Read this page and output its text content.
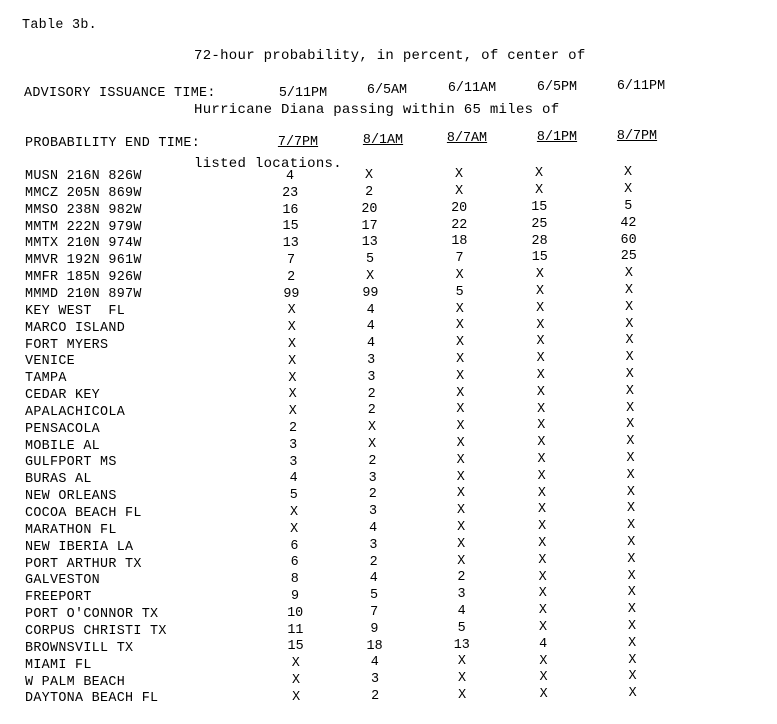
Table 3b.

72-hour probability, in percent, of center of

Hurricane Diana passing within 65 miles of

listed locations.

ADVISORY ISSUANCE TIME:	5/11PM	6/5AM	6/11AM	6/5PM	6/11PM
PROBABILITY END TIME:	7/7PM	8/1AM	8/7AM	8/1PM	8/7PM
MUSN 216N 826W	4	X	X	X	X
MMCZ 205N 869W	23	2	X	X	X
MMSO 238N 982W	16	20	20	15	5
MMTM 222N 979W	15	17	22	25	42
MMTX 210N 974W	13	13	18	28	60
MMVR 192N 961W	7	5	7	15	25
MMFR 185N 926W	2	X	X	X	X
MMMD 210N 897W	99	99	5	X	X
KEY WEST  FL	X	4	X	X	X
MARCO ISLAND	X	4	X	X	X
FORT MYERS	X	4	X	X	X
VENICE	X	3	X	X	X
TAMPA	X	3	X	X	X
CEDAR KEY	X	2	X	X	X
APALACHICOLA	X	2	X	X	X
PENSACOLA	2	X	X	X	X
MOBILE AL	3	X	X	X	X
GULFPORT MS	3	2	X	X	X
BURAS AL	4	3	X	X	X
NEW ORLEANS	5	2	X	X	X
COCOA BEACH FL	X	3	X	X	X
MARATHON FL	X	4	X	X	X
NEW IBERIA LA	6	3	X	X	X
PORT ARTHUR TX	6	2	X	X	X
GALVESTON	8	4	2	X	X
FREEPORT	9	5	3	X	X
PORT O'CONNOR TX	10	7	4	X	X
CORPUS CHRISTI TX	11	9	5	X	X
BROWNSVILL TX	15	18	13	4	X
MIAMI FL	X	4	X	X	X
W PALM BEACH	X	3	X	X	X
DAYTONA BEACH FL	X	2	X	X	X
